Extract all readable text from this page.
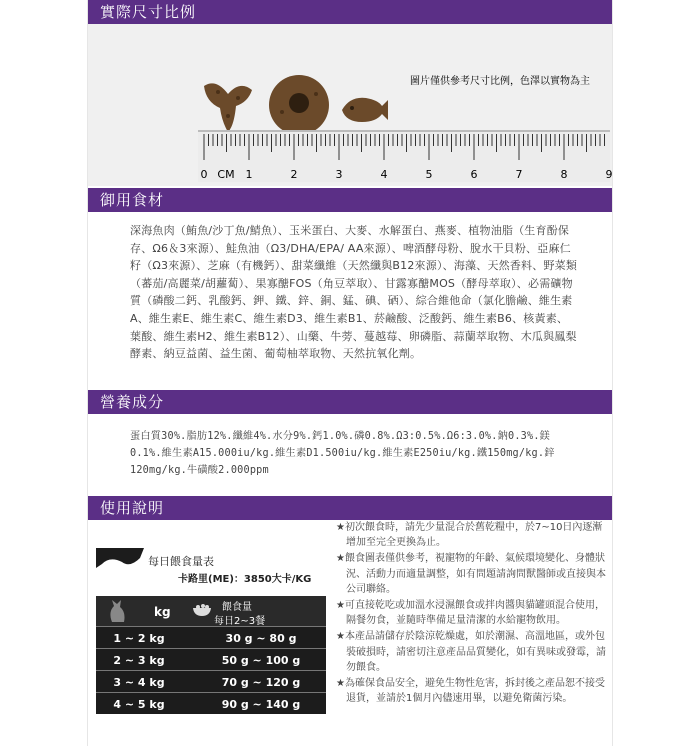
實際尺寸比例
圖片僅供參考尺寸比例，色澤以實物為主
0	1	2	3	4	5	6	7	8	9
CM
御用食材
深海魚肉（鮪魚/沙丁魚/鯖魚）、玉米蛋白、大麥、水解蛋白、燕麥、植物油脂（生育酚保存、Ω6＆3來源）、鮭魚油（Ω3/DHA/EPA/ AA來源）、啤酒酵母粉、脫水干貝粉、亞麻仁籽（Ω3來源）、芝麻（有機鈣）、甜菜纖維（天然纖與B12來源）、海藻、天然香料、野菜類（蕃茄/高麗菜/胡蘿蔔）、果寡醣FOS（角豆萃取）、甘露寡醣MOS（酵母萃取）、必需礦物質（磷酸二鈣、乳酸鈣、鉀、鐵、鋅、銅、錳、碘、硒）、綜合維他命（氯化膽鹼、維生素A、維生素E、維生素C、維生素D3、維生素B1、菸鹼酸、泛酸鈣、維生素B6、核黃素、葉酸、維生素H2、維生素B12）、山藥、牛蒡、蔓越莓、卵磷脂、蒜蘭萃取物、木瓜與鳳梨酵素、納豆益菌、益生菌、葡萄柚萃取物、天然抗氧化劑。
營養成分
蛋白質30%.脂肪12%.纖維4%.水分9%.鈣1.0%.磷0.8%.Ω3:0.5%.Ω6:3.0%.鈉0.3%.鎂0.1%.維生素A15.000iu/kg.維生素D1.500iu/kg.維生素E250iu/kg.鐵150mg/kg.鋅120mg/kg.牛磺酸2.000ppm
使用說明
每日餵食量表
卡路里(ME)：3850大卡/KG
kg	餵食量
每日2~3餐
1 ~ 2 kg	30 g ~ 80 g
2 ~ 3 kg	50 g ~ 100 g
3 ~ 4 kg	70 g ~ 120 g
4 ~ 5 kg	90 g ~ 140 g
★初次餵食時，請先少量混合於舊乾糧中，於7~10日內逐漸增加至完全更換為止。
★餵食圖表僅供參考，視寵物的年齡、氣候環境變化、身體狀況、活動力而適量調整，如有問題請詢問獸醫師或直接與本公司聯絡。
★可直接乾吃或加溫水浸濕餵食或拌肉醬與貓罐頭混合使用，隔餐勿食，並隨時準備足量清潔的水給寵物飲用。
★本產品請儲存於陰涼乾燥處，如於潮濕、高溫地區，或外包裝破損時，請密切注意產品品質變化，如有異味或發霉，請勿餵食。
★為確保食品安全，避免生物性危害，拆封後之產品恕不接受退貨，並請於1個月內儘速用畢，以避免衛菌污染。
